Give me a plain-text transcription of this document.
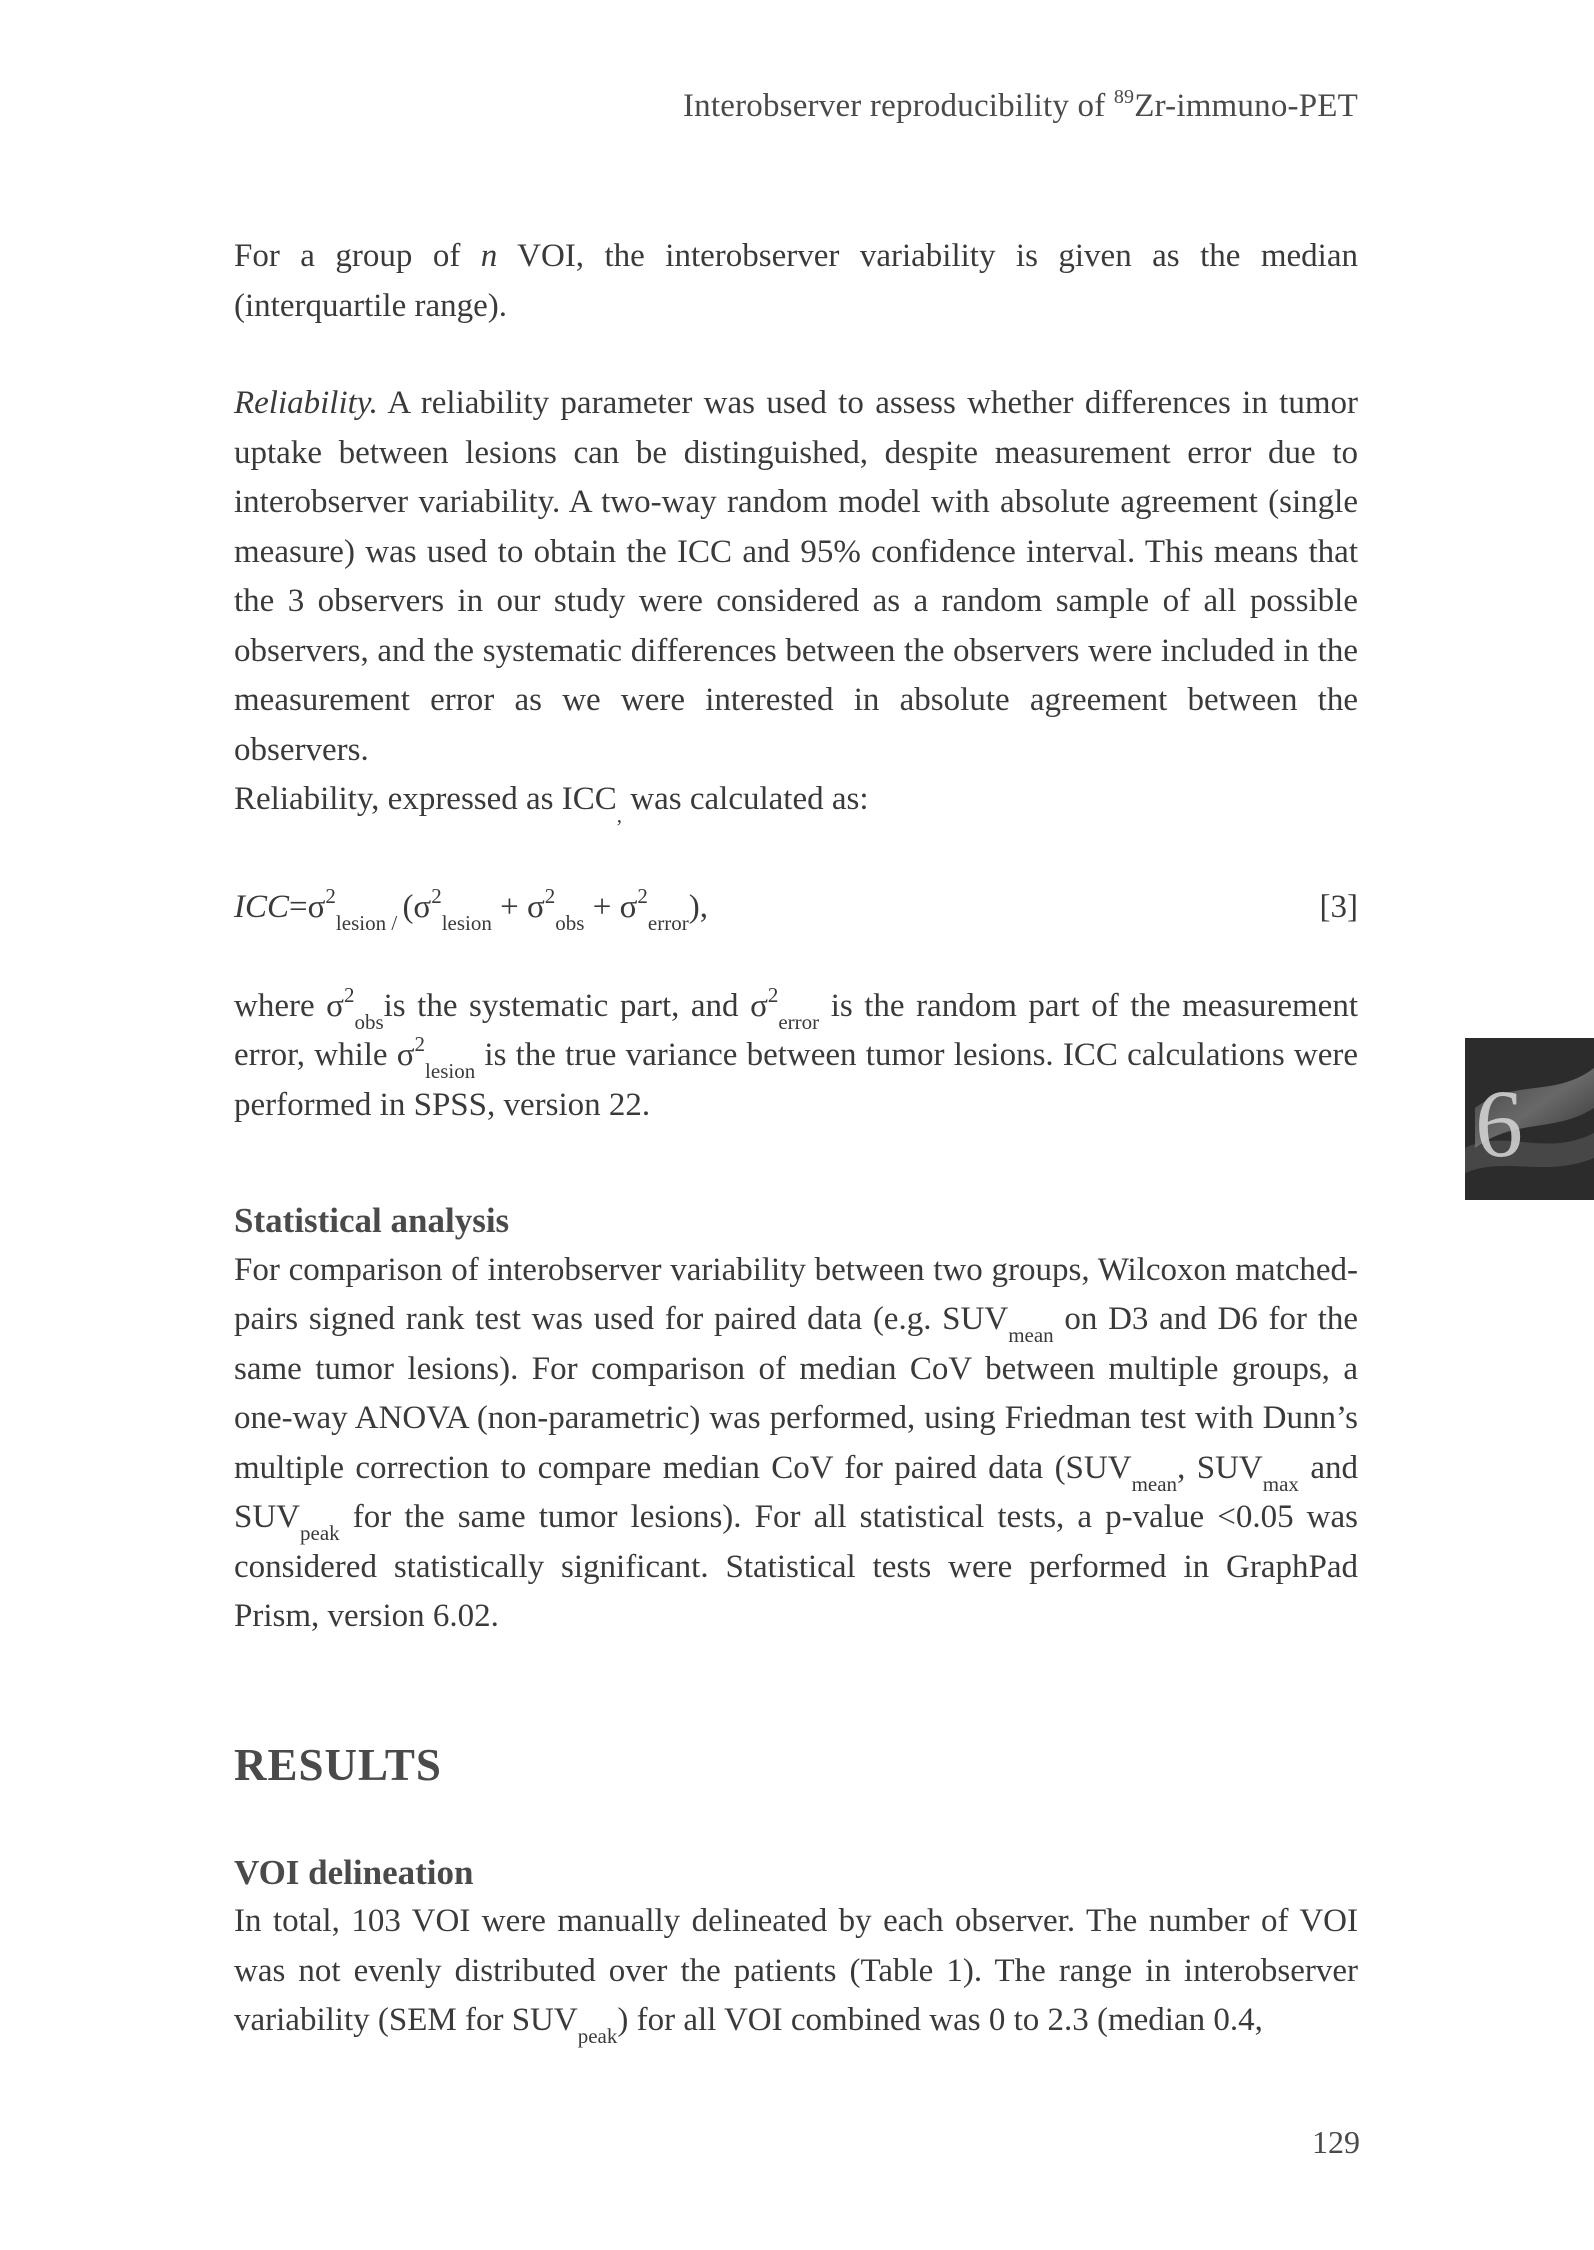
Interobserver reproducibility of $^{89}$Zr-immuno-PET
6

For a group of n VOI, the interobserver variability is given as the median (interquartile range).

Reliability. A reliability parameter was used to assess whether differences in tumor uptake between lesions can be distinguished, despite measurement error due to interobserver variability. A two-way random model with absolute agreement (single measure) was used to obtain the ICC and 95% confidence interval. This means that the 3 observers in our study were considered as a random sample of all possible observers, and the systematic differences between the observers were included in the measurement error as we were interested in absolute agreement between the observers.

Reliability, expressed as $ICC_,$ was calculated as:

$ICC=\sigma^2_{lesion}$ $_/$ $(\sigma^2_{lesion} + \sigma^2_{obs} + \sigma^2_{error})$,	[3]

where $\sigma^2_{obs}is$ the systematic part, and $\sigma^2_{error}$ is the random part of the measurement error, while $\sigma^2_{lesion}$ is the true variance between tumor lesions. ICC calculations were performed in SPSS, version 22.

Statistical analysis

For comparison of interobserver variability between two groups, Wilcoxon matched-pairs signed rank test was used for paired data (e.g. $SUV_{mean}$ on D3 and D6 for the same tumor lesions). For comparison of median CoV between multiple groups, a one-way ANOVA (non-parametric) was performed, using Friedman test with Dunn’s multiple correction to compare median CoV for paired data ($SUV_{mean}$, $SUV_{max}$ and $SUV_{peak}$ for the same tumor lesions). For all statistical tests, a p-value <0.05 was considered statistically significant. Statistical tests were performed in GraphPad Prism, version 6.02.

RESULTS

VOI delineation

In total, 103 VOI were manually delineated by each observer. The number of VOI was not evenly distributed over the patients (Table 1). The range in interobserver variability (SEM for $SUV_{peak}$) for all VOI combined was 0 to 2.3 (median 0.4,

129
